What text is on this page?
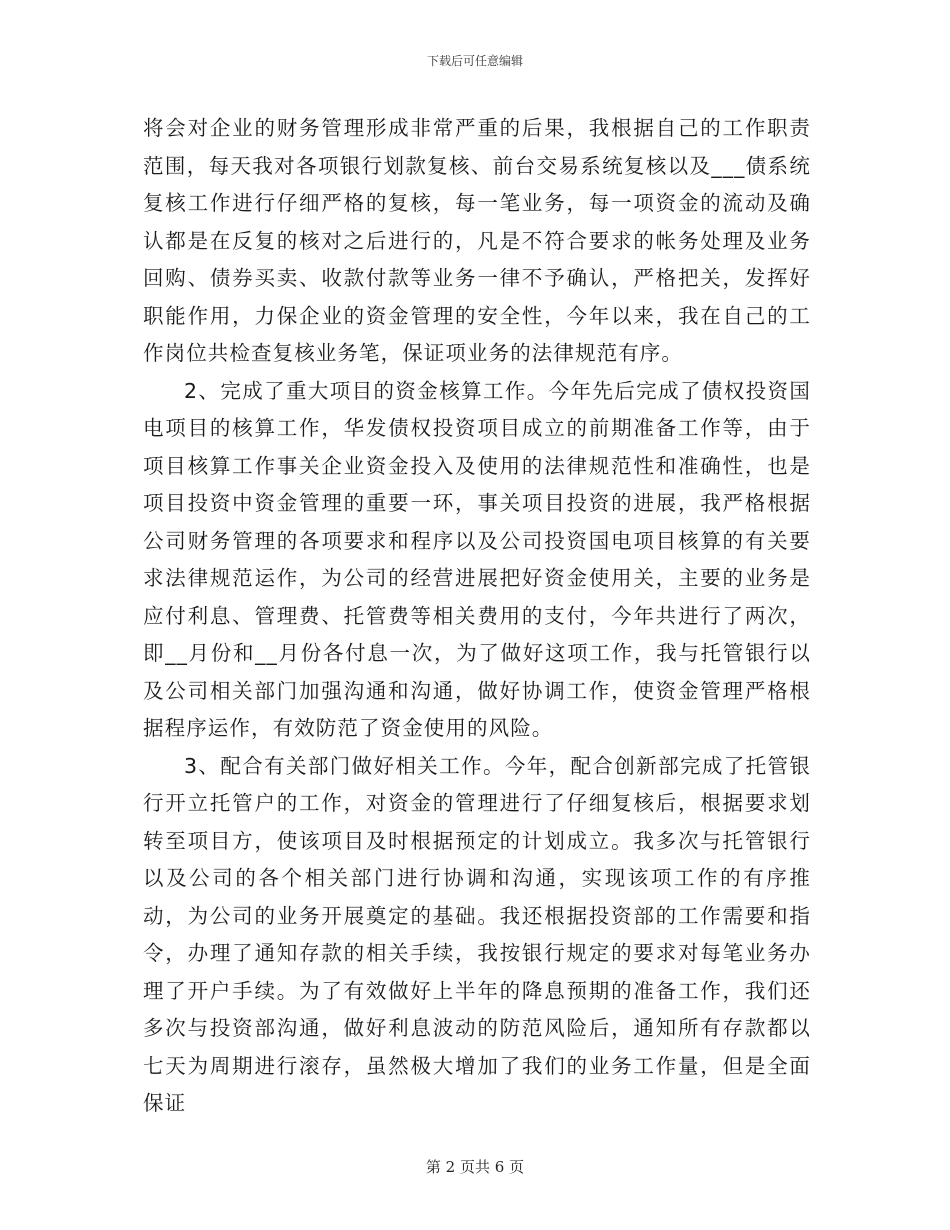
下载后可任意编辑

将会对企业的财务管理形成非常严重的后果，我根据自己的工作职责范围，每天我对各项银行划款复核、前台交易系统复核以及___债系统复核工作进行仔细严格的复核，每一笔业务，每一项资金的流动及确认都是在反复的核对之后进行的，凡是不符合要求的帐务处理及业务回购、债券买卖、收款付款等业务一律不予确认，严格把关，发挥好职能作用，力保企业的资金管理的安全性，今年以来，我在自己的工作岗位共检查复核业务笔，保证项业务的法律规范有序。

2、完成了重大项目的资金核算工作。今年先后完成了债权投资国电项目的核算工作，华发债权投资项目成立的前期准备工作等，由于项目核算工作事关企业资金投入及使用的法律规范性和准确性，也是项目投资中资金管理的重要一环，事关项目投资的进展，我严格根据公司财务管理的各项要求和程序以及公司投资国电项目核算的有关要求法律规范运作，为公司的经营进展把好资金使用关，主要的业务是应付利息、管理费、托管费等相关费用的支付，今年共进行了两次，即__月份和__月份各付息一次，为了做好这项工作，我与托管银行以及公司相关部门加强沟通和沟通，做好协调工作，使资金管理严格根据程序运作，有效防范了资金使用的风险。

3、配合有关部门做好相关工作。今年，配合创新部完成了托管银行开立托管户的工作，对资金的管理进行了仔细复核后，根据要求划转至项目方，使该项目及时根据预定的计划成立。我多次与托管银行以及公司的各个相关部门进行协调和沟通，实现该项工作的有序推动，为公司的业务开展奠定的基础。我还根据投资部的工作需要和指令，办理了通知存款的相关手续，我按银行规定的要求对每笔业务办理了开户手续。为了有效做好上半年的降息预期的准备工作，我们还多次与投资部沟通，做好利息波动的防范风险后，通知所有存款都以七天为周期进行滚存，虽然极大增加了我们的业务工作量，但是全面保证

第 2 页共 6 页
